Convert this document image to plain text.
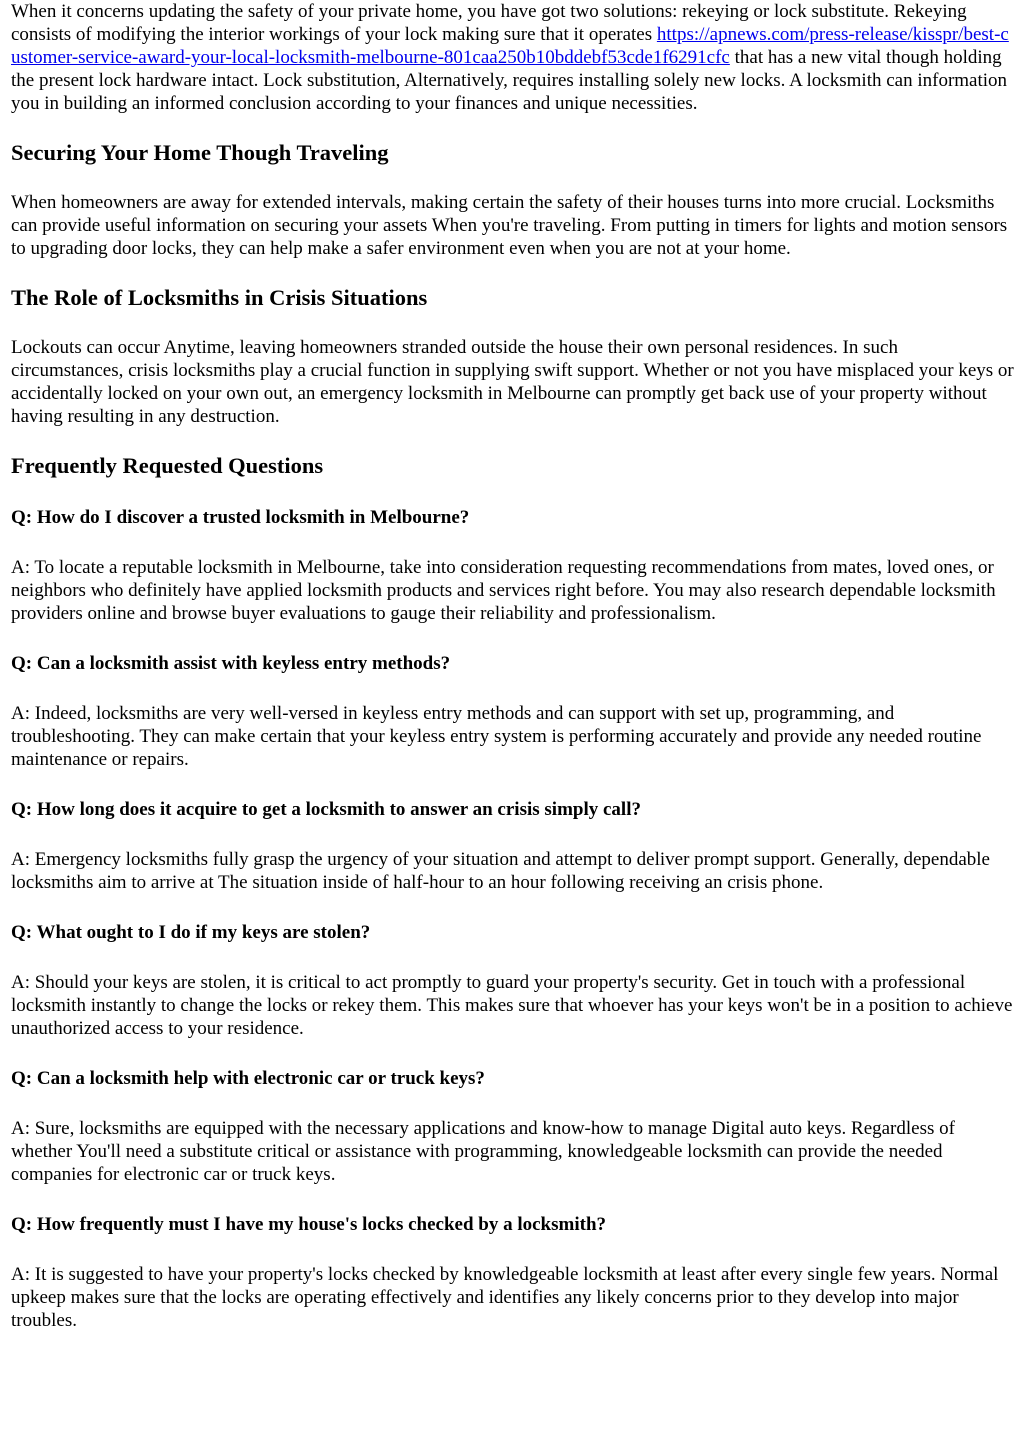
When it concerns updating the safety of your private home, you have got two solutions: rekeying or lock substitute. Rekeying consists of modifying the interior workings of your lock making sure that it operates https://apnews.com/press-release/kisspr/best-customer-service-award-your-local-locksmith-melbourne-801caa250b10bddebf53cde1f6291cfc that has a new vital though holding the present lock hardware intact. Lock substitution, Alternatively, requires installing solely new locks. A locksmith can information you in building an informed conclusion according to your finances and unique necessities.

Securing Your Home Though Traveling

When homeowners are away for extended intervals, making certain the safety of their houses turns into more crucial. Locksmiths can provide useful information on securing your assets When you're traveling. From putting in timers for lights and motion sensors to upgrading door locks, they can help make a safer environment even when you are not at your home.

The Role of Locksmiths in Crisis Situations

Lockouts can occur Anytime, leaving homeowners stranded outside the house their own personal residences. In such circumstances, crisis locksmiths play a crucial function in supplying swift support. Whether or not you have misplaced your keys or accidentally locked on your own out, an emergency locksmith in Melbourne can promptly get back use of your property without having resulting in any destruction.

Frequently Requested Questions
Q: How do I discover a trusted locksmith in Melbourne?

A: To locate a reputable locksmith in Melbourne, take into consideration requesting recommendations from mates, loved ones, or neighbors who definitely have applied locksmith products and services right before. You may also research dependable locksmith providers online and browse buyer evaluations to gauge their reliability and professionalism.

Q: Can a locksmith assist with keyless entry methods?

A: Indeed, locksmiths are very well-versed in keyless entry methods and can support with set up, programming, and troubleshooting. They can make certain that your keyless entry system is performing accurately and provide any needed routine maintenance or repairs.

Q: How long does it acquire to get a locksmith to answer an crisis simply call?

A: Emergency locksmiths fully grasp the urgency of your situation and attempt to deliver prompt support. Generally, dependable locksmiths aim to arrive at The situation inside of half-hour to an hour following receiving an crisis phone.

Q: What ought to I do if my keys are stolen?

A: Should your keys are stolen, it is critical to act promptly to guard your property's security. Get in touch with a professional locksmith instantly to change the locks or rekey them. This makes sure that whoever has your keys won't be in a position to achieve unauthorized access to your residence.

Q: Can a locksmith help with electronic car or truck keys?

A: Sure, locksmiths are equipped with the necessary applications and know-how to manage Digital auto keys. Regardless of whether You'll need a substitute critical or assistance with programming, knowledgeable locksmith can provide the needed companies for electronic car or truck keys.

Q: How frequently must I have my house's locks checked by a locksmith?

A: It is suggested to have your property's locks checked by knowledgeable locksmith at least after every single few years. Normal upkeep makes sure that the locks are operating effectively and identifies any likely concerns prior to they develop into major troubles.
